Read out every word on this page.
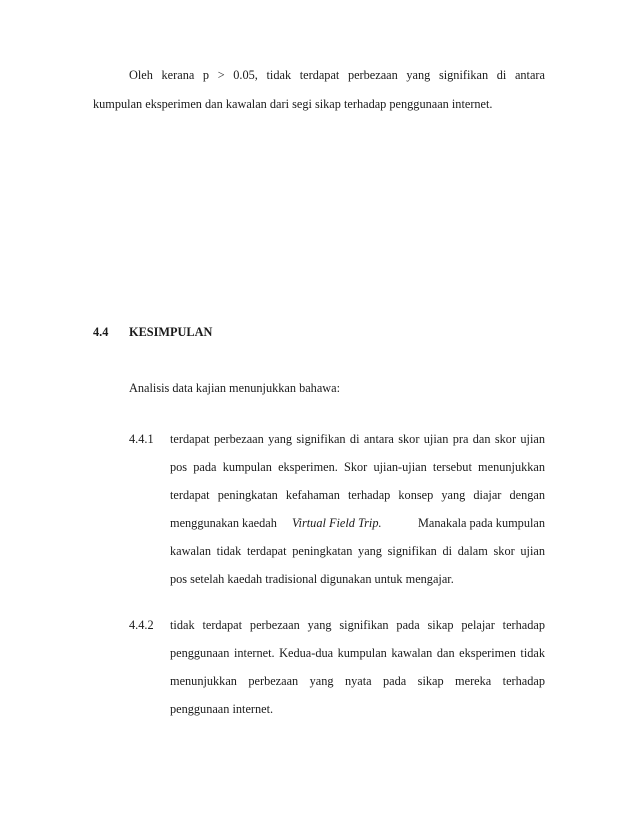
Oleh kerana p > 0.05, tidak terdapat perbezaan yang signifikan di antara
kumpulan eksperimen dan kawalan dari segi sikap terhadap penggunaan internet.
4.4 KESIMPULAN
Analisis data kajian menunjukkan bahawa:
4.4.1 terdapat perbezaan yang signifikan di antara skor ujian pra dan skor ujian
pos pada kumpulan eksperimen. Skor ujian-ujian tersebut menunjukkan
terdapat peningkatan kefahaman terhadap konsep yang diajar dengan
menggunakan kaedah Virtual Field Trip.	Manakala pada kumpulan
kawalan tidak terdapat peningkatan yang signifikan di dalam skor ujian
pos setelah kaedah tradisional digunakan untuk mengajar.
4.4.2 tidak terdapat perbezaan yang signifikan pada sikap pelajar terhadap
penggunaan internet. Kedua-dua kumpulan kawalan dan eksperimen tidak
menunjukkan perbezaan yang nyata pada sikap mereka terhadap
penggunaan internet.
